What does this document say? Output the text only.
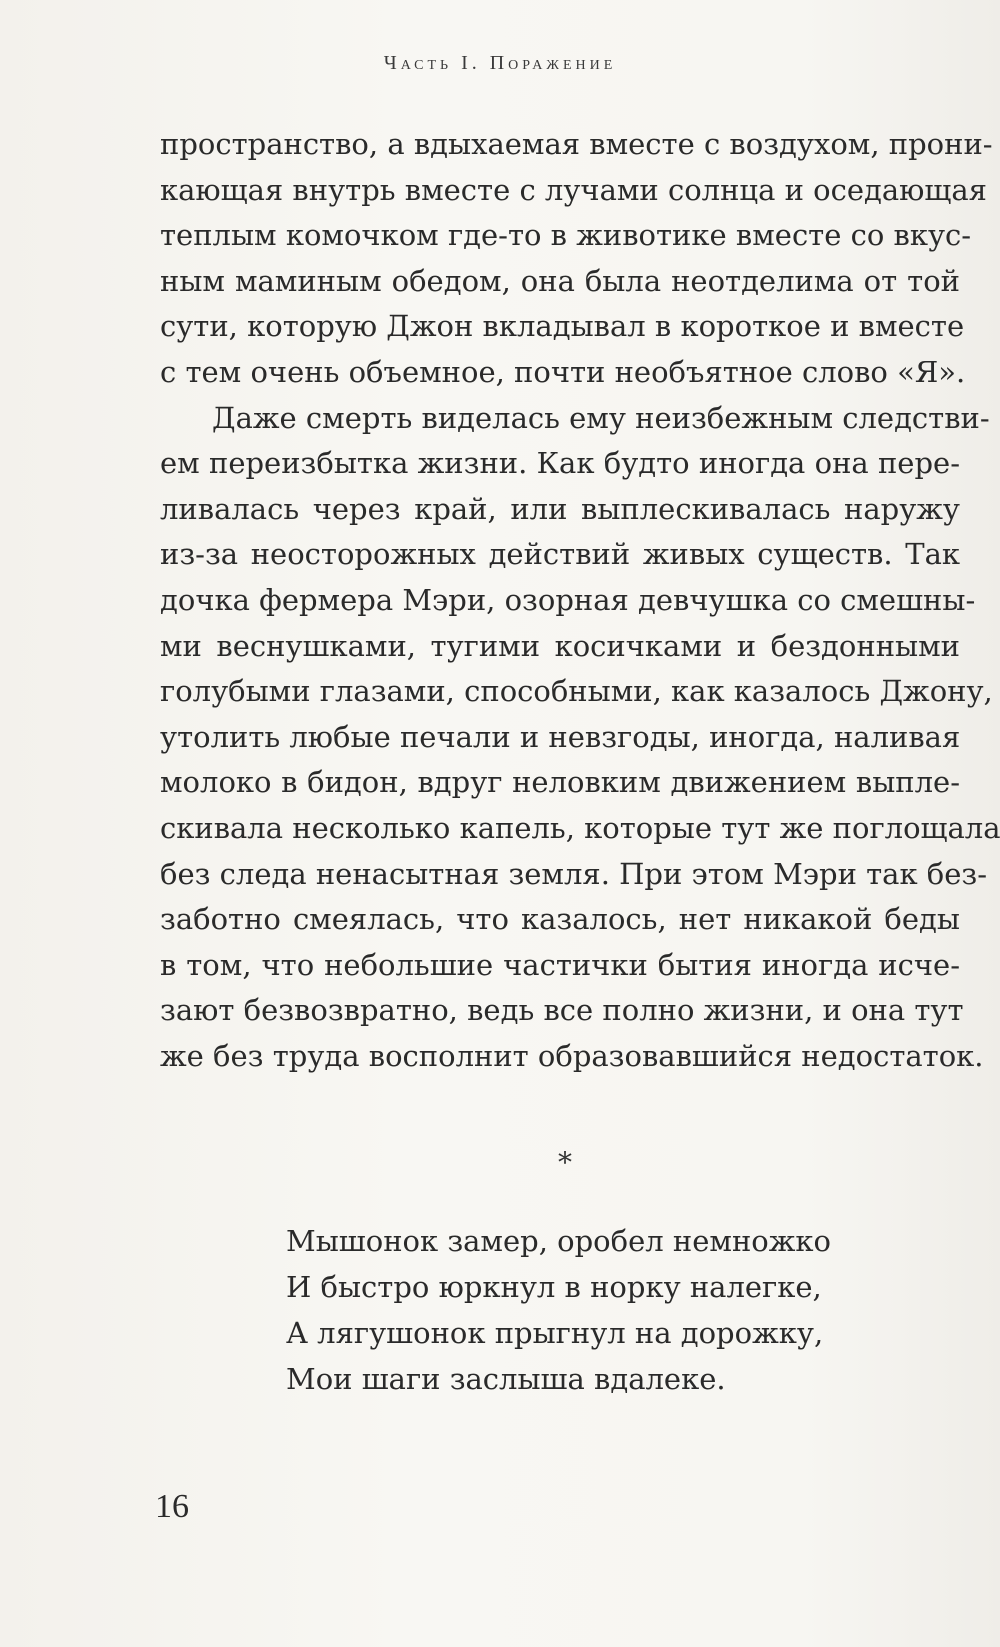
Часть I. Поражение
пространство, а вдыхаемая вместе с воздухом, прони-
кающая внутрь вместе с лучами солнца и оседающая
теплым комочком где-то в животике вместе со вкус-
ным маминым обедом, она была неотделима от той
сути, которую Джон вкладывал в короткое и вместе
с тем очень объемное, почти необъятное слово «Я».
Даже смерть виделась ему неизбежным следстви-
ем переизбытка жизни. Как будто иногда она пере-
ливалась через край, или выплескивалась наружу
из-за неосторожных действий живых существ. Так
дочка фермера Мэри, озорная девчушка со смешны-
ми веснушками, тугими косичками и бездонными
голубыми глазами, способными, как казалось Джону,
утолить любые печали и невзгоды, иногда, наливая
молоко в бидон, вдруг неловким движением выпле-
скивала несколько капель, которые тут же поглощала
без следа ненасытная земля. При этом Мэри так без-
заботно смеялась, что казалось, нет никакой беды
в том, что небольшие частички бытия иногда исче-
зают безвозвратно, ведь все полно жизни, и она тут
же без труда восполнит образовавшийся недостаток.
*
Мышонок замер, оробел немножко
И быстро юркнул в норку налегке,
А лягушонок прыгнул на дорожку,
Мои шаги заслыша вдалеке.
16
